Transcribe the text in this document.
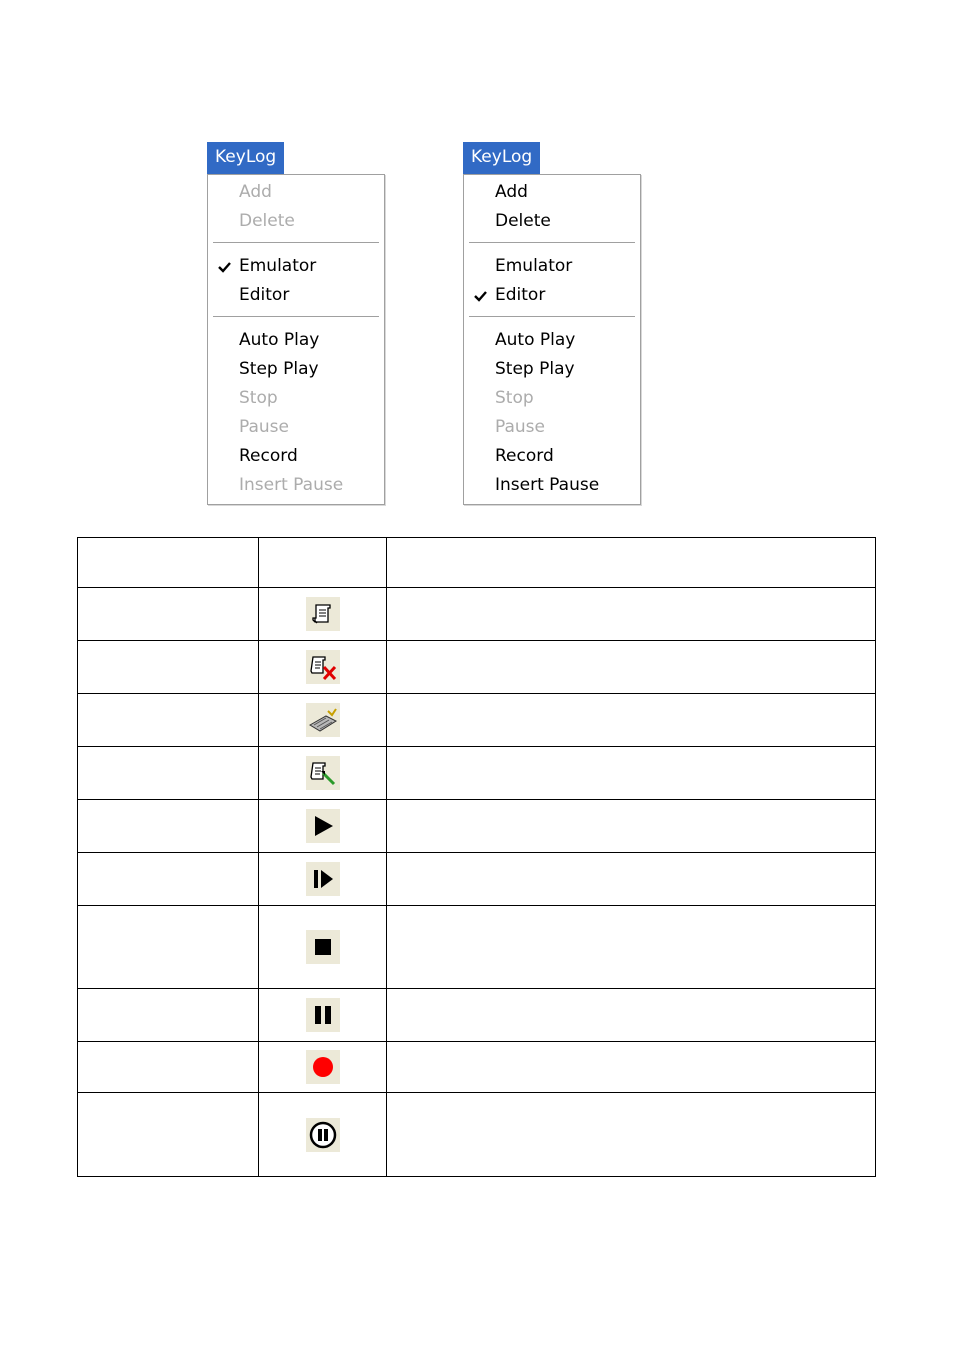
KeyLog
Add
Delete
Emulator
Editor
Auto Play
Step Play
Stop
Pause
Record
Insert Pause
KeyLog
Add
Delete
Emulator
Editor
Auto Play
Step Play
Stop
Pause
Record
Insert Pause
